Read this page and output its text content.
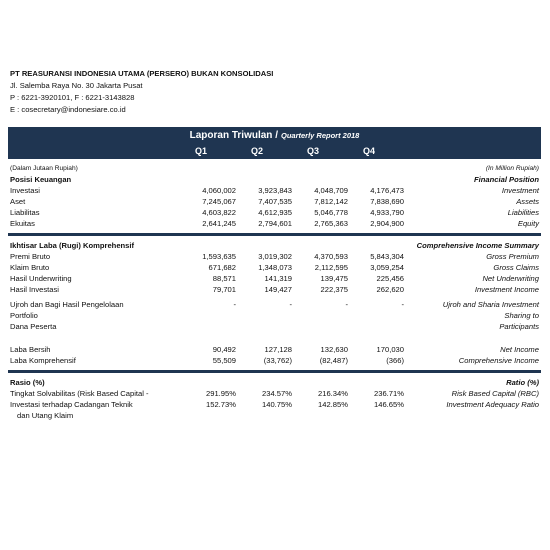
PT REASURANSI INDONESIA UTAMA (PERSERO) BUKAN KONSOLIDASI
Jl. Salemba Raya No. 30 Jakarta Pusat
P : 6221-3920101, F : 6221-3143828
E : cosecretary@indonesiare.co.id
Laporan Triwulan / Quarterly Report 2018
Q1	Q2	Q3	Q4

(Dalam Jutaan Rupiah)					(In Million Rupiah)
Posisi Keuangan					Financial Position
Investasi	4,060,002	3,923,843	4,048,709	4,176,473	Investment
Aset	7,245,067	7,407,535	7,812,142	7,838,690	Assets
Liabilitas	4,603,822	4,612,935	5,046,778	4,933,790	Liabilities
Ekuitas	2,641,245	2,794,601	2,765,363	2,904,900	Equity

Ikhtisar Laba (Rugi) Komprehensif					Comprehensive Income Summary
Premi Bruto	1,593,635	3,019,302	4,370,593	5,843,304	Gross Premium
Klaim Bruto	671,682	1,348,073	2,112,595	3,059,254	Gross Claims
Hasil Underwriting	88,571	141,319	139,475	225,456	Net Underwriting
Hasil Investasi	79,701	149,427	222,375	262,620	Investment Income

Ujroh dan Bagi Hasil Pengelolaan	-	-	-	-	Ujroh and Sharia Investment
Portfolio					Sharing to
Dana Peserta					Participants

Laba Bersih	90,492	127,128	132,630	170,030	Net Income
Laba Komprehensif	55,509	(33,762)	(82,487)	(366)	Comprehensive Income

Rasio (%)					Ratio (%)
Tingkat Solvabilitas (Risk Based Capital -	291.95%	234.57%	216.34%	236.71%	Risk Based Capital (RBC)
Investasi terhadap Cadangan Teknik	152.73%	140.75%	142.85%	146.65%	Investment Adequacy Ratio
dan Utang Klaim					
